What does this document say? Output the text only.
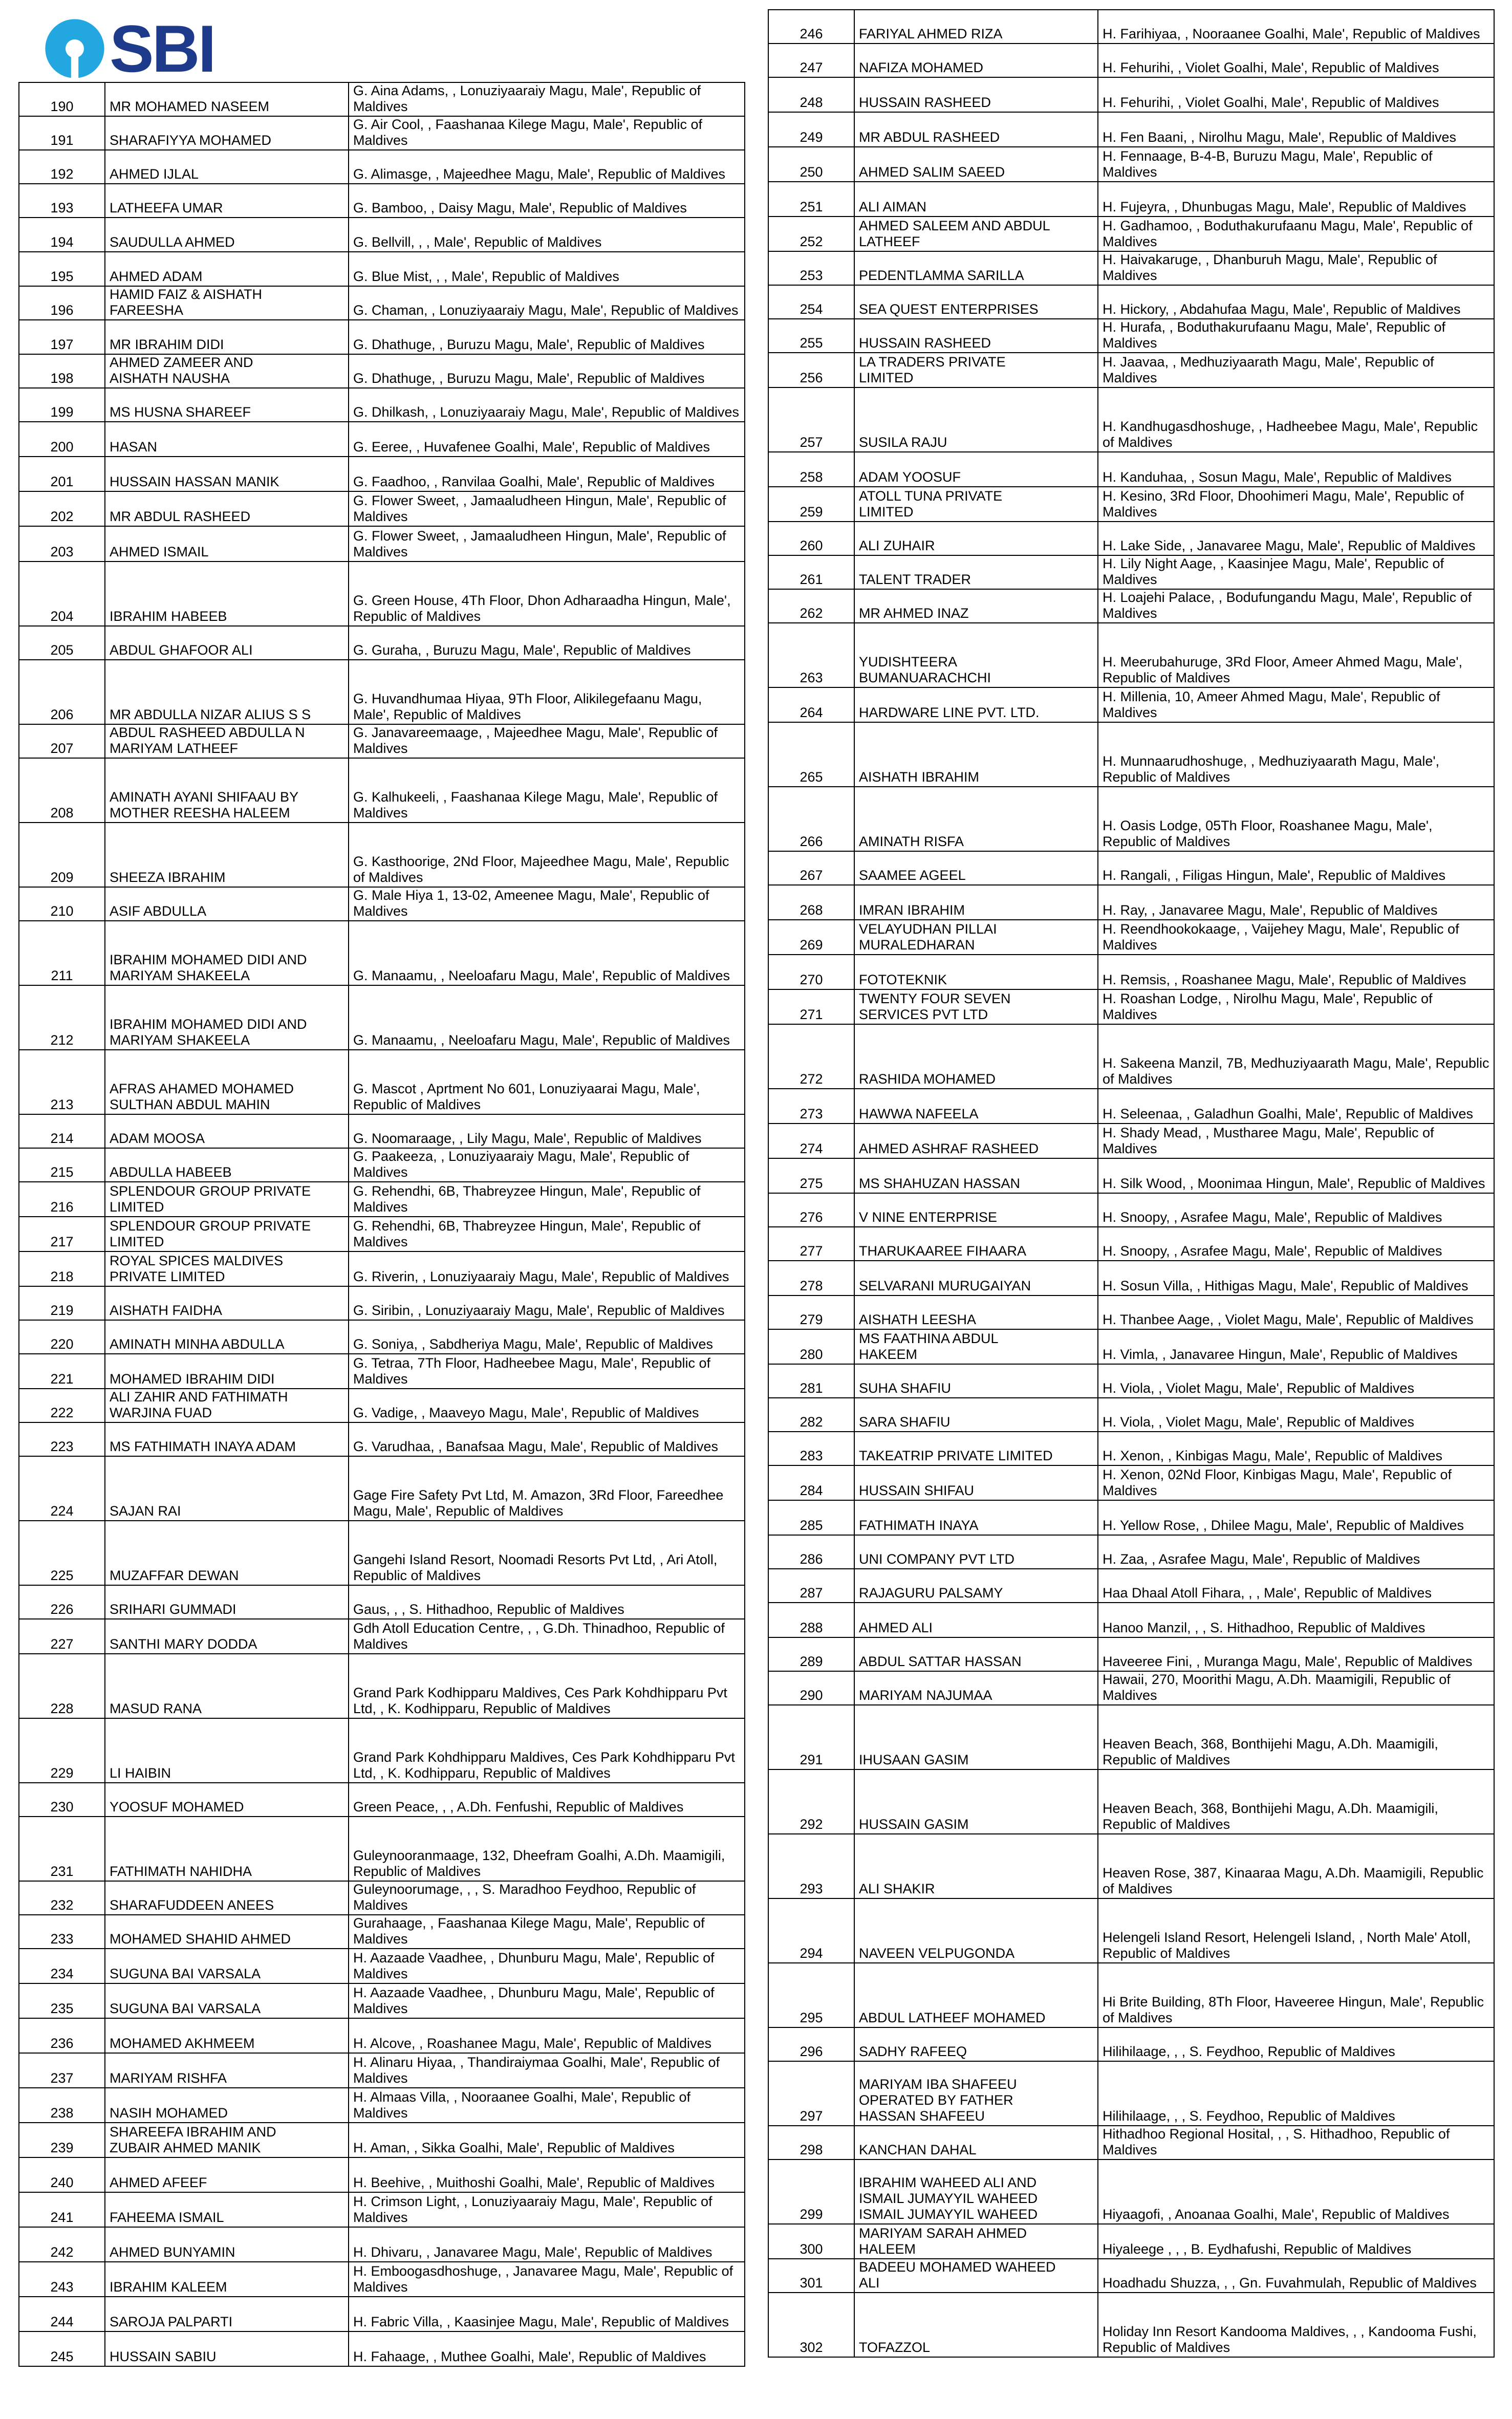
SBI
190	MR MOHAMED NASEEM	G. Aina Adams, , Lonuziyaaraiy Magu, Male', Republic of Maldives
191	SHARAFIYYA MOHAMED	G. Air Cool, , Faashanaa Kilege Magu, Male', Republic of Maldives
192	AHMED IJLAL	G. Alimasge, , Majeedhee Magu, Male', Republic of Maldives
193	LATHEEFA UMAR	G. Bamboo, , Daisy Magu, Male', Republic of Maldives
194	SAUDULLA AHMED	G. Bellvill, , , Male', Republic of Maldives
195	AHMED ADAM	G. Blue Mist, , , Male', Republic of Maldives
196	HAMID FAIZ & AISHATH
FAREESHA	G. Chaman, , Lonuziyaaraiy Magu, Male', Republic of Maldives
197	MR IBRAHIM DIDI	G. Dhathuge, , Buruzu Magu, Male', Republic of Maldives
198	AHMED ZAMEER AND
AISHATH NAUSHA	G. Dhathuge, , Buruzu Magu, Male', Republic of Maldives
199	MS HUSNA SHAREEF	G. Dhilkash, , Lonuziyaaraiy Magu, Male', Republic of Maldives
200	HASAN	G. Eeree, , Huvafenee Goalhi, Male', Republic of Maldives
201	HUSSAIN HASSAN MANIK	G. Faadhoo, , Ranvilaa Goalhi, Male', Republic of Maldives
202	MR ABDUL RASHEED	G. Flower Sweet, , Jamaaludheen Hingun, Male', Republic of Maldives
203	AHMED ISMAIL	G. Flower Sweet, , Jamaaludheen Hingun, Male', Republic of Maldives
204	IBRAHIM HABEEB	G. Green House, 4Th Floor, Dhon Adharaadha Hingun, Male', Republic of Maldives
205	ABDUL GHAFOOR ALI	G. Guraha, , Buruzu Magu, Male', Republic of Maldives
206	MR ABDULLA NIZAR ALIUS S S	G. Huvandhumaa Hiyaa, 9Th Floor, Alikilegefaanu Magu, Male', Republic of Maldives
207	ABDUL RASHEED ABDULLA N
MARIYAM LATHEEF	G. Janavareemaage, , Majeedhee Magu, Male', Republic of Maldives
208	AMINATH AYANI SHIFAAU BY
MOTHER REESHA HALEEM	G. Kalhukeeli, , Faashanaa Kilege Magu, Male', Republic of Maldives
209	SHEEZA IBRAHIM	G. Kasthoorige, 2Nd Floor, Majeedhee Magu, Male', Republic of Maldives
210	ASIF ABDULLA	G. Male Hiya 1, 13-02, Ameenee Magu, Male', Republic of Maldives
211	IBRAHIM MOHAMED DIDI AND
MARIYAM SHAKEELA	G. Manaamu, , Neeloafaru Magu, Male', Republic of Maldives
212	IBRAHIM MOHAMED DIDI AND
MARIYAM SHAKEELA	G. Manaamu, , Neeloafaru Magu, Male', Republic of Maldives
213	AFRAS AHAMED MOHAMED
SULTHAN ABDUL MAHIN	G. Mascot , Aprtment No 601, Lonuziyaarai Magu, Male', Republic of Maldives
214	ADAM MOOSA	G. Noomaraage, , Lily Magu, Male', Republic of Maldives
215	ABDULLA HABEEB	G. Paakeeza, , Lonuziyaaraiy Magu, Male', Republic of Maldives
216	SPLENDOUR GROUP PRIVATE
LIMITED	G. Rehendhi, 6B, Thabreyzee Hingun, Male', Republic of Maldives
217	SPLENDOUR GROUP PRIVATE
LIMITED	G. Rehendhi, 6B, Thabreyzee Hingun, Male', Republic of Maldives
218	ROYAL SPICES MALDIVES
PRIVATE LIMITED	G. Riverin, , Lonuziyaaraiy Magu, Male', Republic of Maldives
219	AISHATH FAIDHA	G. Siribin, , Lonuziyaaraiy Magu, Male', Republic of Maldives
220	AMINATH MINHA ABDULLA	G. Soniya, , Sabdheriya Magu, Male', Republic of Maldives
221	MOHAMED IBRAHIM DIDI	G. Tetraa, 7Th Floor, Hadheebee Magu, Male', Republic of Maldives
222	ALI ZAHIR AND FATHIMATH
WARJINA FUAD	G. Vadige, , Maaveyo Magu, Male', Republic of Maldives
223	MS FATHIMATH INAYA ADAM	G. Varudhaa, , Banafsaa Magu, Male', Republic of Maldives
224	SAJAN RAI	Gage Fire Safety Pvt Ltd, M. Amazon, 3Rd Floor, Fareedhee Magu, Male', Republic of Maldives
225	MUZAFFAR DEWAN	Gangehi Island Resort, Noomadi Resorts Pvt Ltd, , Ari Atoll, Republic of Maldives
226	SRIHARI GUMMADI	Gaus, , , S. Hithadhoo, Republic of Maldives
227	SANTHI MARY DODDA	Gdh Atoll Education Centre, , , G.Dh. Thinadhoo, Republic of Maldives
228	MASUD RANA	Grand Park Kodhipparu Maldives, Ces Park Kohdhipparu Pvt Ltd, , K. Kodhipparu, Republic of Maldives
229	LI HAIBIN	Grand Park Kohdhipparu Maldives, Ces Park Kohdhipparu Pvt Ltd, , K. Kodhipparu, Republic of Maldives
230	YOOSUF MOHAMED	Green Peace, , , A.Dh. Fenfushi, Republic of Maldives
231	FATHIMATH NAHIDHA	Guleynooranmaage, 132, Dheefram Goalhi, A.Dh. Maamigili, Republic of Maldives
232	SHARAFUDDEEN ANEES	Guleynoorumage, , , S. Maradhoo Feydhoo, Republic of Maldives
233	MOHAMED SHAHID AHMED	Gurahaage, , Faashanaa Kilege Magu, Male', Republic of Maldives
234	SUGUNA BAI VARSALA	H. Aazaade Vaadhee, , Dhunburu Magu, Male', Republic of Maldives
235	SUGUNA BAI VARSALA	H. Aazaade Vaadhee, , Dhunburu Magu, Male', Republic of Maldives
236	MOHAMED AKHMEEM	H. Alcove, , Roashanee Magu, Male', Republic of Maldives
237	MARIYAM RISHFA	H. Alinaru Hiyaa, , Thandiraiymaa Goalhi, Male', Republic of Maldives
238	NASIH MOHAMED	H. Almaas Villa, , Nooraanee Goalhi, Male', Republic of Maldives
239	SHAREEFA IBRAHIM AND
ZUBAIR AHMED MANIK	H. Aman, , Sikka Goalhi, Male', Republic of Maldives
240	AHMED AFEEF	H. Beehive, , Muithoshi Goalhi, Male', Republic of Maldives
241	FAHEEMA ISMAIL	H. Crimson Light, , Lonuziyaaraiy Magu, Male', Republic of Maldives
242	AHMED BUNYAMIN	H. Dhivaru, , Janavaree Magu, Male', Republic of Maldives
243	IBRAHIM KALEEM	H. Emboogasdhoshuge, , Janavaree Magu, Male', Republic of Maldives
244	SAROJA PALPARTI	H. Fabric Villa, , Kaasinjee Magu, Male', Republic of Maldives
245	HUSSAIN SABIU	H. Fahaage, , Muthee Goalhi, Male', Republic of Maldives
246	FARIYAL AHMED RIZA	H. Farihiyaa, , Nooraanee Goalhi, Male', Republic of Maldives
247	NAFIZA MOHAMED	H. Fehurihi, , Violet Goalhi, Male', Republic of Maldives
248	HUSSAIN RASHEED	H. Fehurihi, , Violet Goalhi, Male', Republic of Maldives
249	MR ABDUL RASHEED	H. Fen Baani, , Nirolhu Magu, Male', Republic of Maldives
250	AHMED SALIM SAEED	H. Fennaage, B-4-B, Buruzu Magu, Male', Republic of Maldives
251	ALI AIMAN	H. Fujeyra, , Dhunbugas Magu, Male', Republic of Maldives
252	AHMED SALEEM AND ABDUL
LATHEEF	H. Gadhamoo, , Boduthakurufaanu Magu, Male', Republic of Maldives
253	PEDENTLAMMA SARILLA	H. Haivakaruge, , Dhanburuh Magu, Male', Republic of Maldives
254	SEA QUEST ENTERPRISES	H. Hickory, , Abdahufaa Magu, Male', Republic of Maldives
255	HUSSAIN RASHEED	H. Hurafa, , Boduthakurufaanu Magu, Male', Republic of Maldives
256	LA TRADERS PRIVATE
LIMITED	H. Jaavaa, , Medhuziyaarath Magu, Male', Republic of Maldives
257	SUSILA RAJU	H. Kandhugasdhoshuge, , Hadheebee Magu, Male', Republic of Maldives
258	ADAM YOOSUF	H. Kanduhaa, , Sosun Magu, Male', Republic of Maldives
259	ATOLL TUNA PRIVATE
LIMITED	H. Kesino, 3Rd Floor, Dhoohimeri Magu, Male', Republic of Maldives
260	ALI ZUHAIR	H. Lake Side, , Janavaree Magu, Male', Republic of Maldives
261	TALENT TRADER	H. Lily Night Aage, , Kaasinjee Magu, Male', Republic of Maldives
262	MR AHMED INAZ	H. Loajehi Palace, , Bodufungandu Magu, Male', Republic of Maldives
263	YUDISHTEERA
BUMANUARACHCHI	H. Meerubahuruge, 3Rd Floor, Ameer Ahmed Magu, Male', Republic of Maldives
264	HARDWARE LINE PVT. LTD.	H. Millenia, 10, Ameer Ahmed Magu, Male', Republic of Maldives
265	AISHATH IBRAHIM	H. Munnaarudhoshuge, , Medhuziyaarath Magu, Male', Republic of Maldives
266	AMINATH RISFA	H. Oasis Lodge, 05Th Floor, Roashanee Magu, Male', Republic of Maldives
267	SAAMEE AGEEL	H. Rangali, , Filigas Hingun, Male', Republic of Maldives
268	IMRAN IBRAHIM	H. Ray, , Janavaree Magu, Male', Republic of Maldives
269	VELAYUDHAN PILLAI
MURALEDHARAN	H. Reendhookokaage, , Vaijehey Magu, Male', Republic of Maldives
270	FOTOTEKNIK	H. Remsis, , Roashanee Magu, Male', Republic of Maldives
271	TWENTY FOUR SEVEN
SERVICES PVT LTD	H. Roashan Lodge, , Nirolhu Magu, Male', Republic of Maldives
272	RASHIDA MOHAMED	H. Sakeena Manzil, 7B, Medhuziyaarath Magu, Male', Republic of Maldives
273	HAWWA NAFEELA	H. Seleenaa, , Galadhun Goalhi, Male', Republic of Maldives
274	AHMED ASHRAF RASHEED	H. Shady Mead, , Mustharee Magu, Male', Republic of Maldives
275	MS SHAHUZAN HASSAN	H. Silk Wood, , Moonimaa Hingun, Male', Republic of Maldives
276	V NINE ENTERPRISE	H. Snoopy, , Asrafee Magu, Male', Republic of Maldives
277	THARUKAAREE FIHAARA	H. Snoopy, , Asrafee Magu, Male', Republic of Maldives
278	SELVARANI MURUGAIYAN	H. Sosun Villa, , Hithigas Magu, Male', Republic of Maldives
279	AISHATH LEESHA	H. Thanbee Aage, , Violet Magu, Male', Republic of Maldives
280	MS FAATHINA ABDUL
HAKEEM	H. Vimla, , Janavaree Hingun, Male', Republic of Maldives
281	SUHA SHAFIU	H. Viola, , Violet Magu, Male', Republic of Maldives
282	SARA SHAFIU	H. Viola, , Violet Magu, Male', Republic of Maldives
283	TAKEATRIP PRIVATE LIMITED	H. Xenon, , Kinbigas Magu, Male', Republic of Maldives
284	HUSSAIN SHIFAU	H. Xenon, 02Nd Floor, Kinbigas Magu, Male', Republic of Maldives
285	FATHIMATH INAYA	H. Yellow Rose, , Dhilee Magu, Male', Republic of Maldives
286	UNI COMPANY PVT LTD	H. Zaa, , Asrafee Magu, Male', Republic of Maldives
287	RAJAGURU PALSAMY	Haa Dhaal Atoll Fihara, , , Male', Republic of Maldives
288	AHMED ALI	Hanoo Manzil, , , S. Hithadhoo, Republic of Maldives
289	ABDUL SATTAR HASSAN	Haveeree Fini, , Muranga Magu, Male', Republic of Maldives
290	MARIYAM NAJUMAA	Hawaii, 270, Moorithi Magu, A.Dh. Maamigili, Republic of Maldives
291	IHUSAAN GASIM	Heaven Beach, 368, Bonthijehi Magu, A.Dh. Maamigili, Republic of Maldives
292	HUSSAIN GASIM	Heaven Beach, 368, Bonthijehi Magu, A.Dh. Maamigili, Republic of Maldives
293	ALI SHAKIR	Heaven Rose, 387, Kinaaraa Magu, A.Dh. Maamigili, Republic of Maldives
294	NAVEEN VELPUGONDA	Helengeli Island Resort, Helengeli Island, , North Male' Atoll, Republic of Maldives
295	ABDUL LATHEEF MOHAMED	Hi Brite Building, 8Th Floor, Haveeree Hingun, Male', Republic of Maldives
296	SADHY RAFEEQ	Hilihilaage, , , S. Feydhoo, Republic of Maldives
297	MARIYAM IBA SHAFEEU
OPERATED BY FATHER
HASSAN SHAFEEU	Hilihilaage, , , S. Feydhoo, Republic of Maldives
298	KANCHAN DAHAL	Hithadhoo Regional Hosital, , , S. Hithadhoo, Republic of Maldives
299	IBRAHIM WAHEED ALI AND
ISMAIL JUMAYYIL WAHEED
ISMAIL JUMAYYIL WAHEED	Hiyaagofi, , Anoanaa Goalhi, Male', Republic of Maldives
300	MARIYAM SARAH AHMED
HALEEM	Hiyaleege , , , B. Eydhafushi, Republic of Maldives
301	BADEEU MOHAMED WAHEED
ALI	Hoadhadu Shuzza, , , Gn. Fuvahmulah, Republic of Maldives
302	TOFAZZOL	Holiday Inn Resort Kandooma Maldives, , , Kandooma Fushi, Republic of Maldives
